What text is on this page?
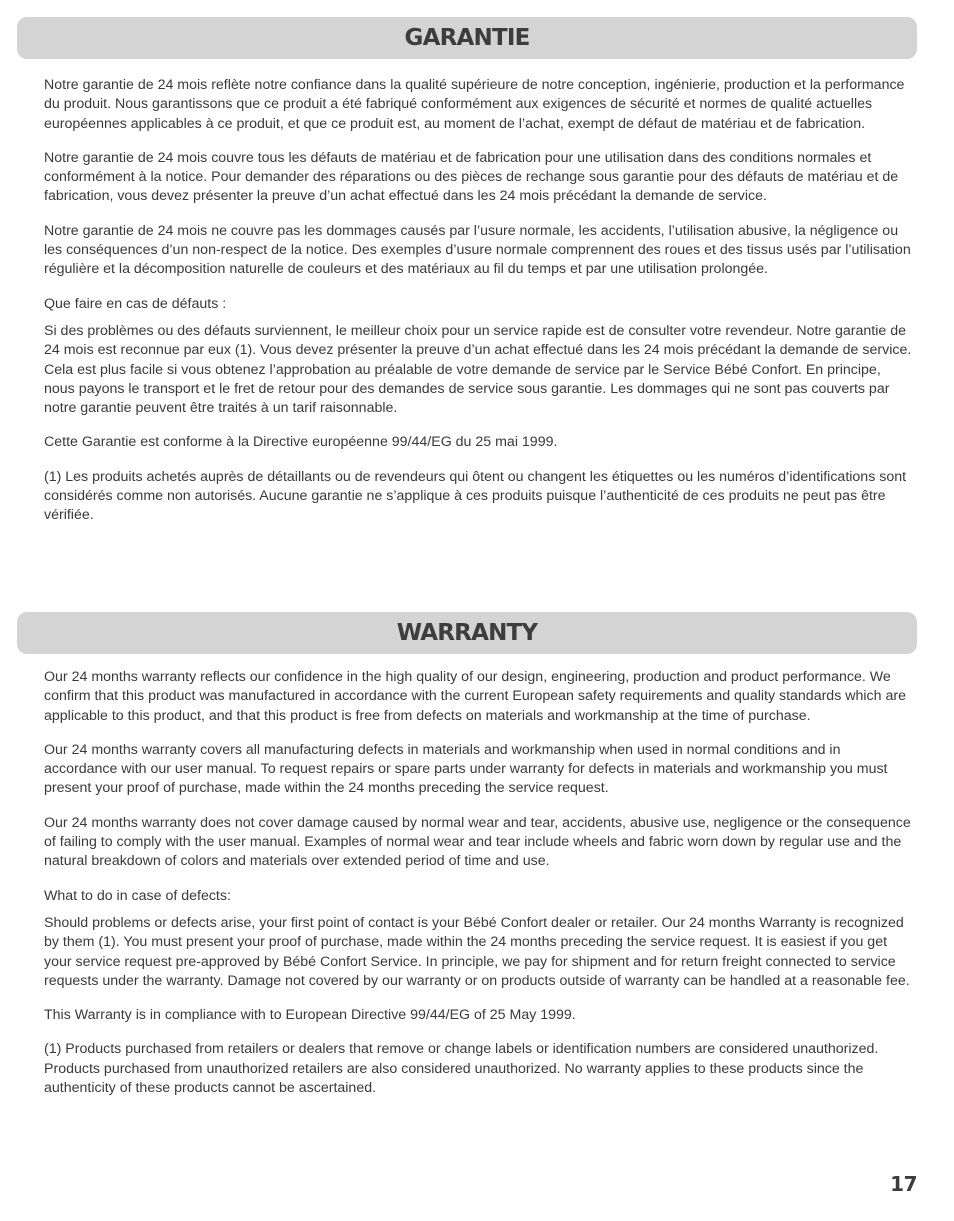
GARANTIE

Notre garantie de 24 mois reflète notre confiance dans la qualité supérieure de notre conception, ingénierie, production et la performance du produit. Nous garantissons que ce produit a été fabriqué conformément aux exigences de sécurité et normes de qualité actuelles européennes applicables à ce produit, et que ce produit est, au moment de l’achat, exempt de défaut de matériau et de fabrication.

Notre garantie de 24 mois couvre tous les défauts de matériau et de fabrication pour une utilisation dans des conditions normales et conformément à la notice. Pour demander des réparations ou des pièces de rechange sous garantie pour des défauts de matériau et de fabrication, vous devez présenter la preuve d’un achat effectué dans les 24 mois précédant la demande de service.

Notre garantie de 24 mois ne couvre pas les dommages causés par l’usure normale, les accidents, l’utilisation abusive, la négligence ou les conséquences d’un non-respect de la notice. Des exemples d’usure normale comprennent des roues et des tissus usés par l’utilisation régulière et la décomposition naturelle de couleurs et des matériaux au fil du temps et par une utilisation prolongée.

Que faire en cas de défauts :

Si des problèmes ou des défauts surviennent, le meilleur choix pour un service rapide est de consulter votre revendeur. Notre garantie de 24 mois est reconnue par eux (1). Vous devez présenter la preuve d’un achat effectué dans les 24 mois précédant la demande de service. Cela est plus facile si vous obtenez l’approbation au préalable de votre demande de service par le Service Bébé Confort. En principe, nous payons le transport et le fret de retour pour des demandes de service sous garantie. Les dommages qui ne sont pas couverts par notre garantie peuvent être traités à un tarif raisonnable.

Cette Garantie est conforme à la Directive européenne 99/44/EG du 25 mai 1999.

(1) Les produits achetés auprès de détaillants ou de revendeurs qui ôtent ou changent les étiquettes ou les numéros d’identifications sont considérés comme non autorisés. Aucune garantie ne s’applique à ces produits puisque l’authenticité de ces produits ne peut pas être vérifiée.

WARRANTY

Our 24 months warranty reflects our confidence in the high quality of our design, engineering, production and product performance. We confirm that this product was manufactured in accordance with the current European safety requirements and quality standards which are applicable to this product, and that this product is free from defects on materials and workmanship at the time of purchase.

Our 24 months warranty covers all manufacturing defects in materials and workmanship when used in normal conditions and in accordance with our user manual. To request repairs or spare parts under warranty for defects in materials and workmanship you must present your proof of purchase, made within the 24 months preceding the service request.

Our 24 months warranty does not cover damage caused by normal wear and tear, accidents, abusive use, negligence or the consequence of failing to comply with the user manual. Examples of normal wear and tear include wheels and fabric worn down by regular use and the natural breakdown of colors and materials over extended period of time and use.

What to do in case of defects:

Should problems or defects arise, your first point of contact is your Bébé Confort dealer or retailer. Our 24 months Warranty is recognized by them (1). You must present your proof of purchase, made within the 24 months preceding the service request. It is easiest if you get your service request pre-approved by Bébé Confort Service. In principle, we pay for shipment and for return freight connected to service requests under the warranty. Damage not covered by our warranty or on products outside of warranty can be handled at a reasonable fee.

This Warranty is in compliance with to European Directive 99/44/EG of 25 May 1999.

(1) Products purchased from retailers or dealers that remove or change labels or identification numbers are considered unauthorized. Products purchased from unauthorized retailers are also considered unauthorized. No warranty applies to these products since the authenticity of these products cannot be ascertained.

17
